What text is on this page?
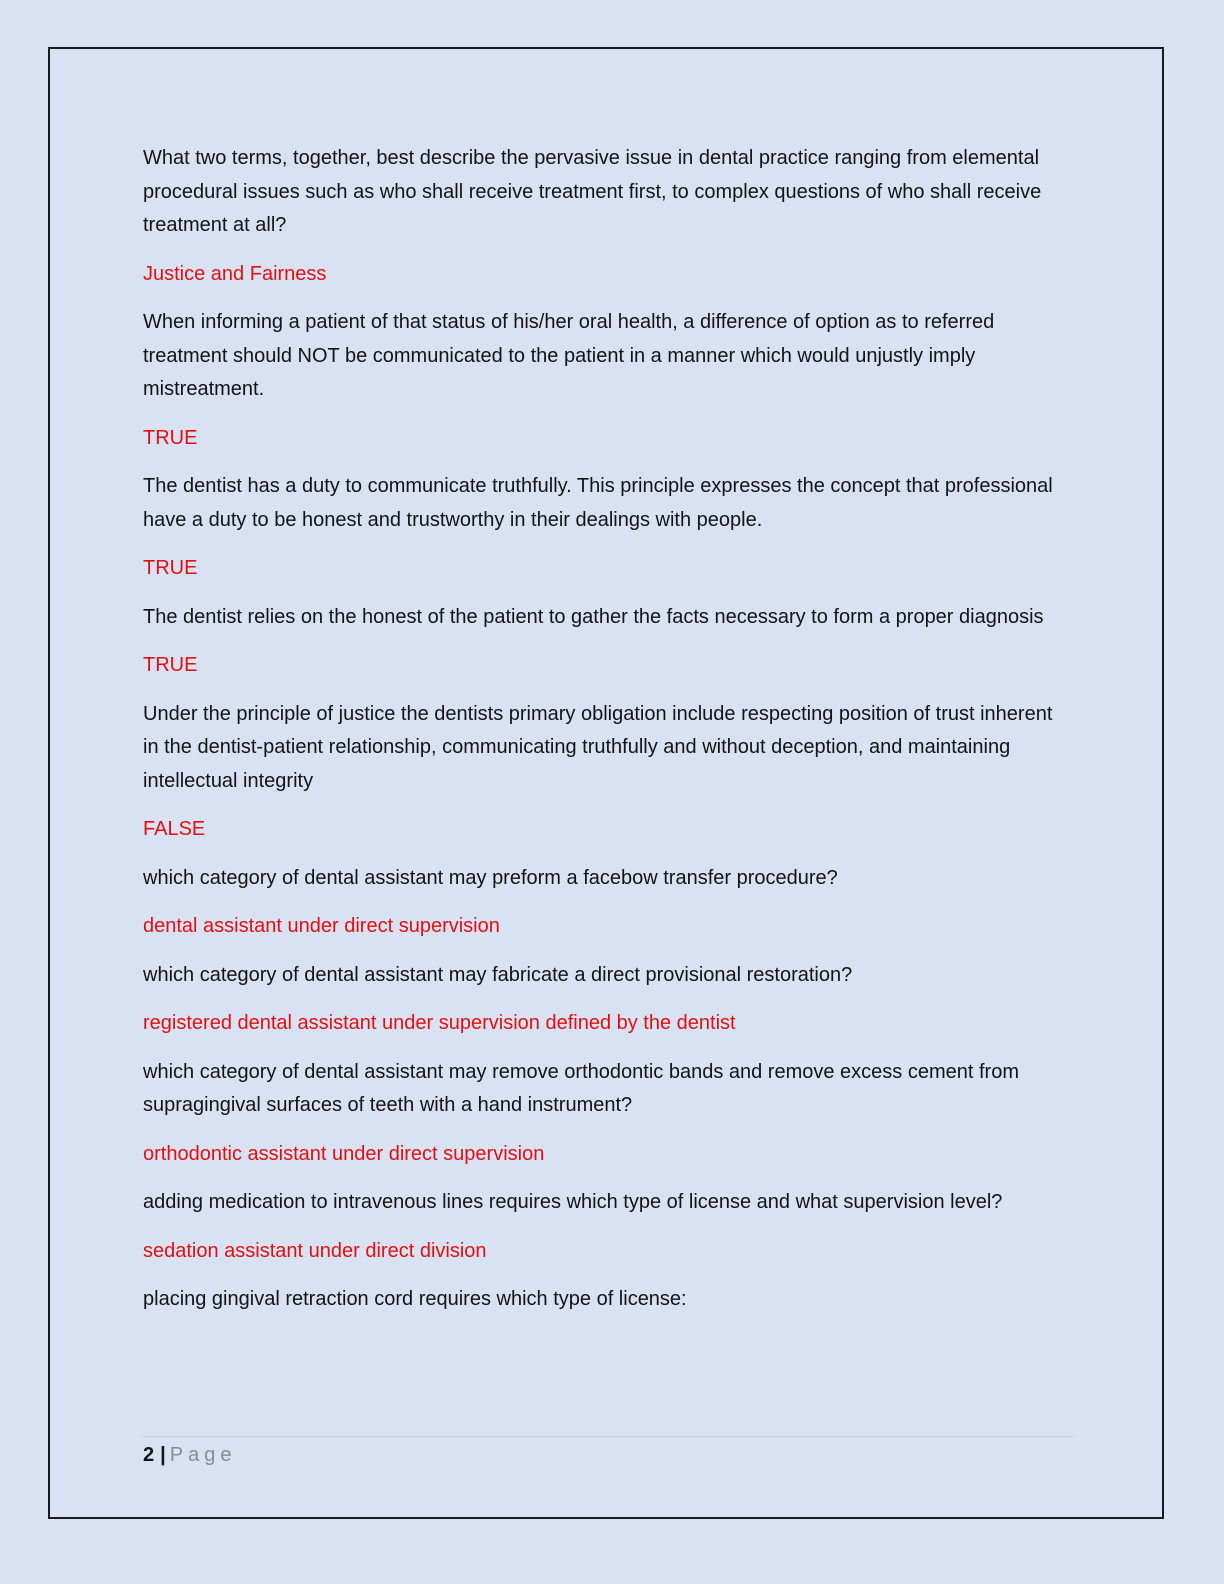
What two terms, together, best describe the pervasive issue in dental practice ranging from elemental procedural issues such as who shall receive treatment first, to complex questions of who shall receive treatment at all?

Justice and Fairness

When informing a patient of that status of his/her oral health, a difference of option as to referred treatment should NOT be communicated to the patient in a manner which would unjustly imply mistreatment.

TRUE

The dentist has a duty to communicate truthfully. This principle expresses the concept that professional have a duty to be honest and trustworthy in their dealings with people.

TRUE

The dentist relies on the honest of the patient to gather the facts necessary to form a proper diagnosis

TRUE

Under the principle of justice the dentists primary obligation include respecting position of trust inherent in the dentist-patient relationship, communicating truthfully and without deception, and maintaining intellectual integrity

FALSE

which category of dental assistant may preform a facebow transfer procedure?

dental assistant under direct supervision

which category of dental assistant may fabricate a direct provisional restoration?

registered dental assistant under supervision defined by the dentist

which category of dental assistant may remove orthodontic bands and remove excess cement from supragingival surfaces of teeth with a hand instrument?

orthodontic assistant under direct supervision

adding medication to intravenous lines requires which type of license and what supervision level?

sedation assistant under direct division

placing gingival retraction cord requires which type of license:

2 | Page
